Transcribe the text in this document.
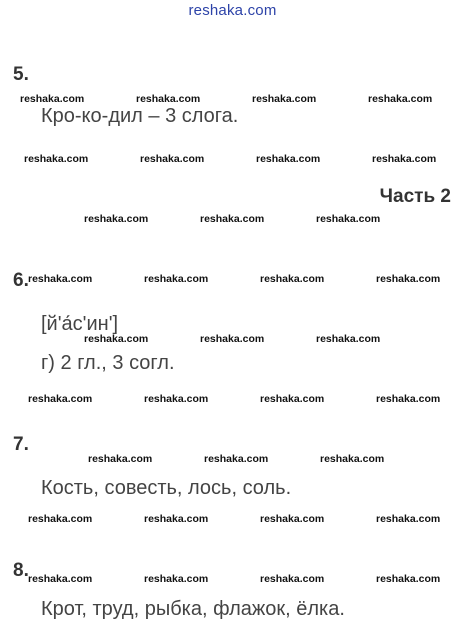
reshaka.com
5.
Кро-ко-дил – 3 слога.
Часть 2
6.
[й'а́с'ин']
г) 2 гл., 3 согл.
7.
Кость, совесть, лось, соль.
8.
Крот, труд, рыбка, флажок, ёлка.
reshaka.com	reshaka.com	reshaka.com	reshaka.com
reshaka.com	reshaka.com	reshaka.com	reshaka.com
reshaka.com	reshaka.com	reshaka.com
reshaka.com	reshaka.com	reshaka.com	reshaka.com
reshaka.com	reshaka.com	reshaka.com
reshaka.com	reshaka.com	reshaka.com	reshaka.com
reshaka.com	reshaka.com	reshaka.com
reshaka.com	reshaka.com	reshaka.com	reshaka.com
reshaka.com	reshaka.com	reshaka.com	reshaka.com
